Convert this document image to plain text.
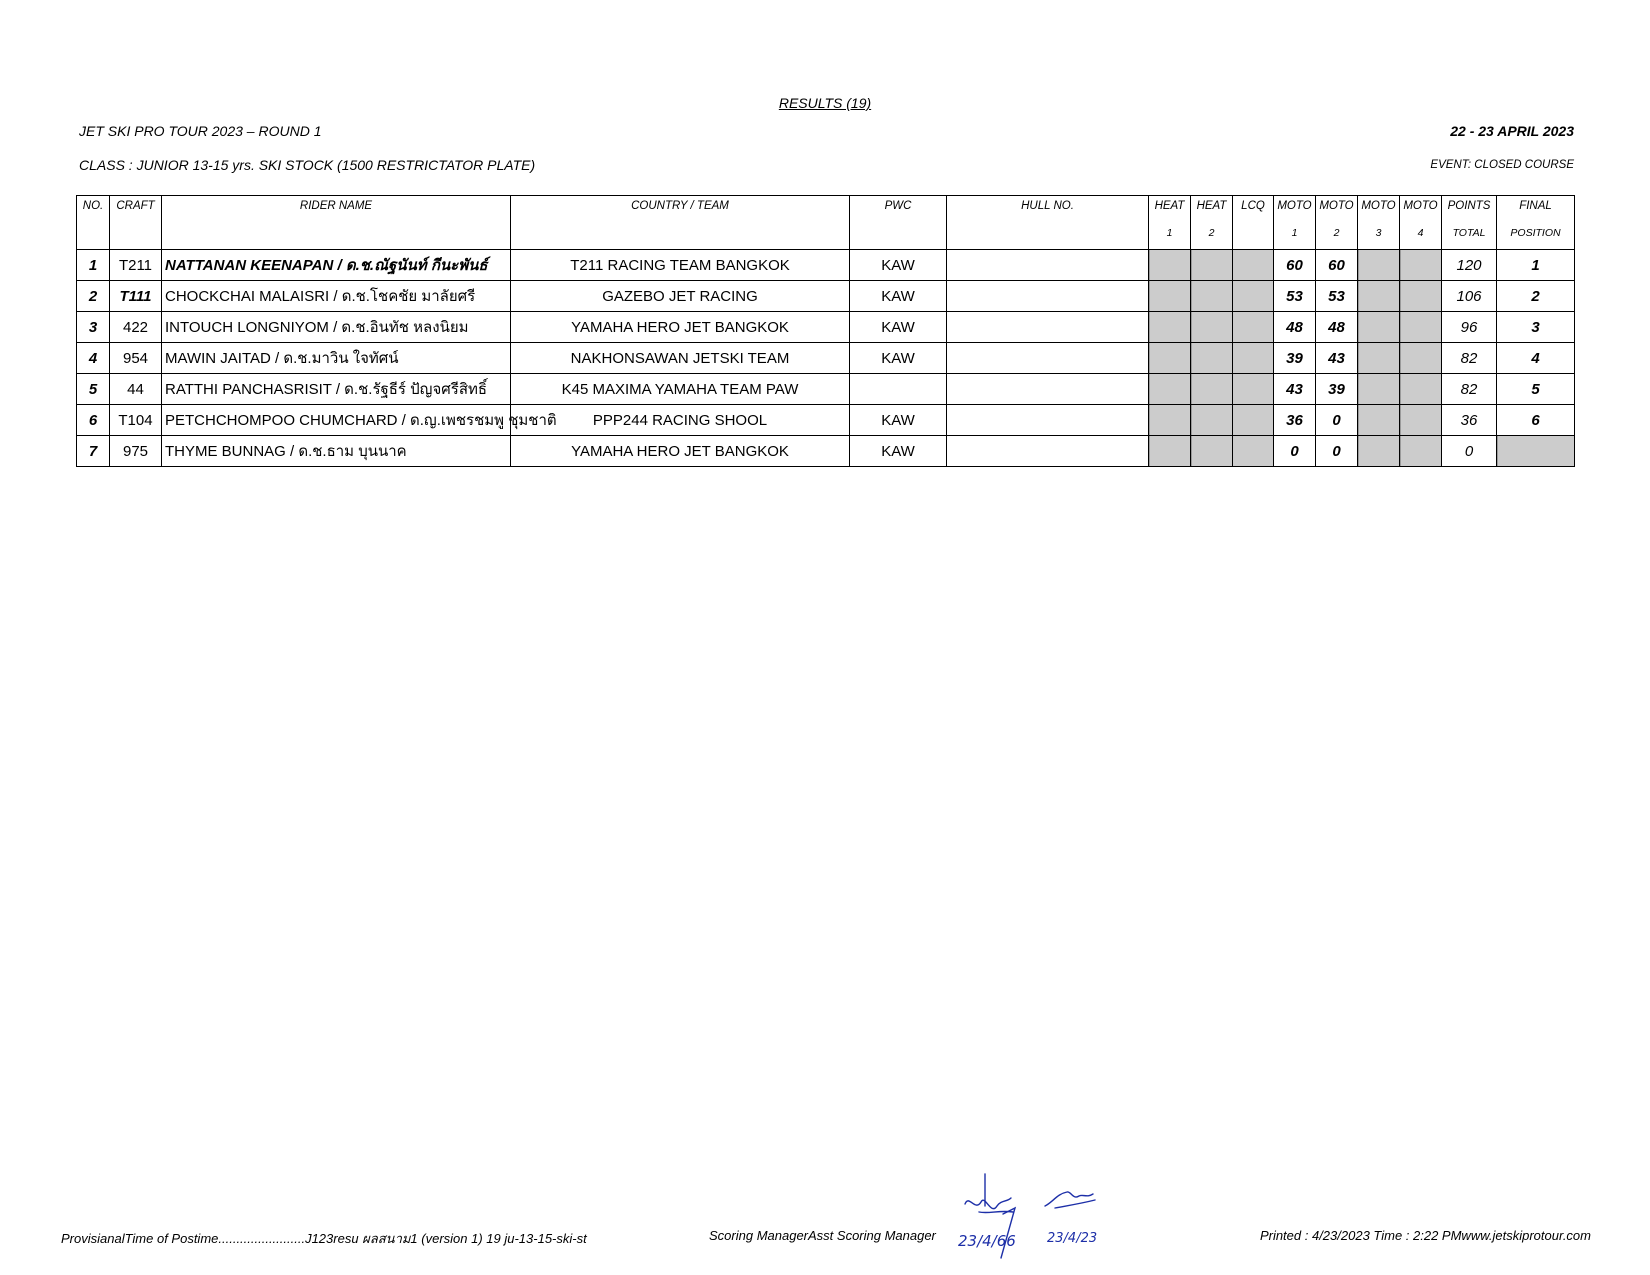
RESULTS (19)
JET SKI PRO TOUR 2023 – ROUND 1	22 - 23 APRIL 2023
CLASS : JUNIOR 13-15 yrs. SKI STOCK (1500 RESTRICTATOR PLATE)	EVENT: CLOSED COURSE
NO.	CRAFT	RIDER NAME	COUNTRY / TEAM	PWC	HULL NO.	HEAT	HEAT	LCQ	MOTO	MOTO	MOTO	MOTO	POINTS	FINAL
						1	2		1	2	3	4	TOTAL	POSITION
1	T211	NATTANAN KEENAPAN / ด.ช.ณัฐนันท์ กีนะพันธ์	T211 RACING TEAM BANGKOK	KAW					60	60			120	1
2	T111	CHOCKCHAI MALAISRI / ด.ช.โชคชัย มาลัยศรี	GAZEBO JET RACING	KAW					53	53			106	2
3	422	INTOUCH LONGNIYOM / ด.ช.อินทัช หลงนิยม	YAMAHA HERO JET BANGKOK	KAW					48	48			96	3
4	954	MAWIN JAITAD / ด.ช.มาวิน ใจทัศน์	NAKHONSAWAN JETSKI TEAM	KAW					39	43			82	4
5	44	RATTHI PANCHASRISIT / ด.ช.รัฐธีร์ ปัญจศรีสิทธิ์	K45 MAXIMA YAMAHA TEAM PAW						43	39			82	5
6	T104	PETCHCHOMPOO CHUMCHARD / ด.ญ.เพชรชมพู ชุมชาติ	PPP244 RACING SHOOL	KAW					36	0			36	6
7	975	THYME BUNNAG / ด.ช.ธาม บุนนาค	YAMAHA HERO JET BANGKOK	KAW					0	0			0	
ProvisianalTime of Postime........................J123resu ผลสนาม1 (version 1) 19 ju-13-15-ski-st	Scoring ManagerAsst Scoring Manager	Printed : 4/23/2023 Time : 2:22 PMwww.jetskiprotour.com
23/4/66 23/4/23
